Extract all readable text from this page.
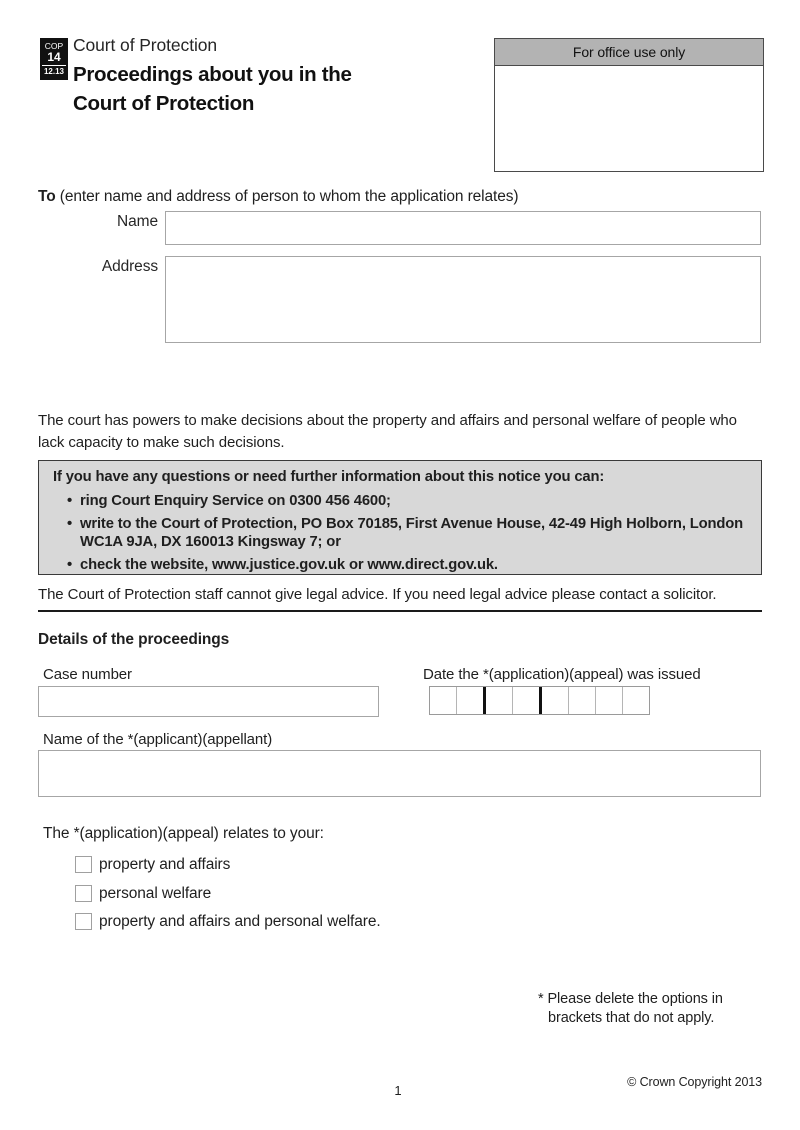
COP
14
12.13
Court of Protection
Proceedings about you in the
Court of Protection
For office use only
To (enter name and address of person to whom the application relates)
Name
Address
The court has powers to make decisions about the property and affairs and personal welfare of people who lack capacity to make such decisions.
If you have any questions or need further information about this notice you can:
• ring Court Enquiry Service on 0300 456 4600;
• write to the Court of Protection, PO Box 70185, First Avenue House, 42-49 High Holborn, London WC1A 9JA, DX 160013 Kingsway 7; or
• check the website, www.justice.gov.uk or www.direct.gov.uk.
The Court of Protection staff cannot give legal advice. If you need legal advice please contact a solicitor.
Details of the proceedings
Case number	Date the *(application)(appeal) was issued
Name of the *(applicant)(appellant)
The *(application)(appeal) relates to your:
property and affairs
personal welfare
property and affairs and personal welfare.
* Please delete the options in
brackets that do not apply.
1
© Crown Copyright 2013
